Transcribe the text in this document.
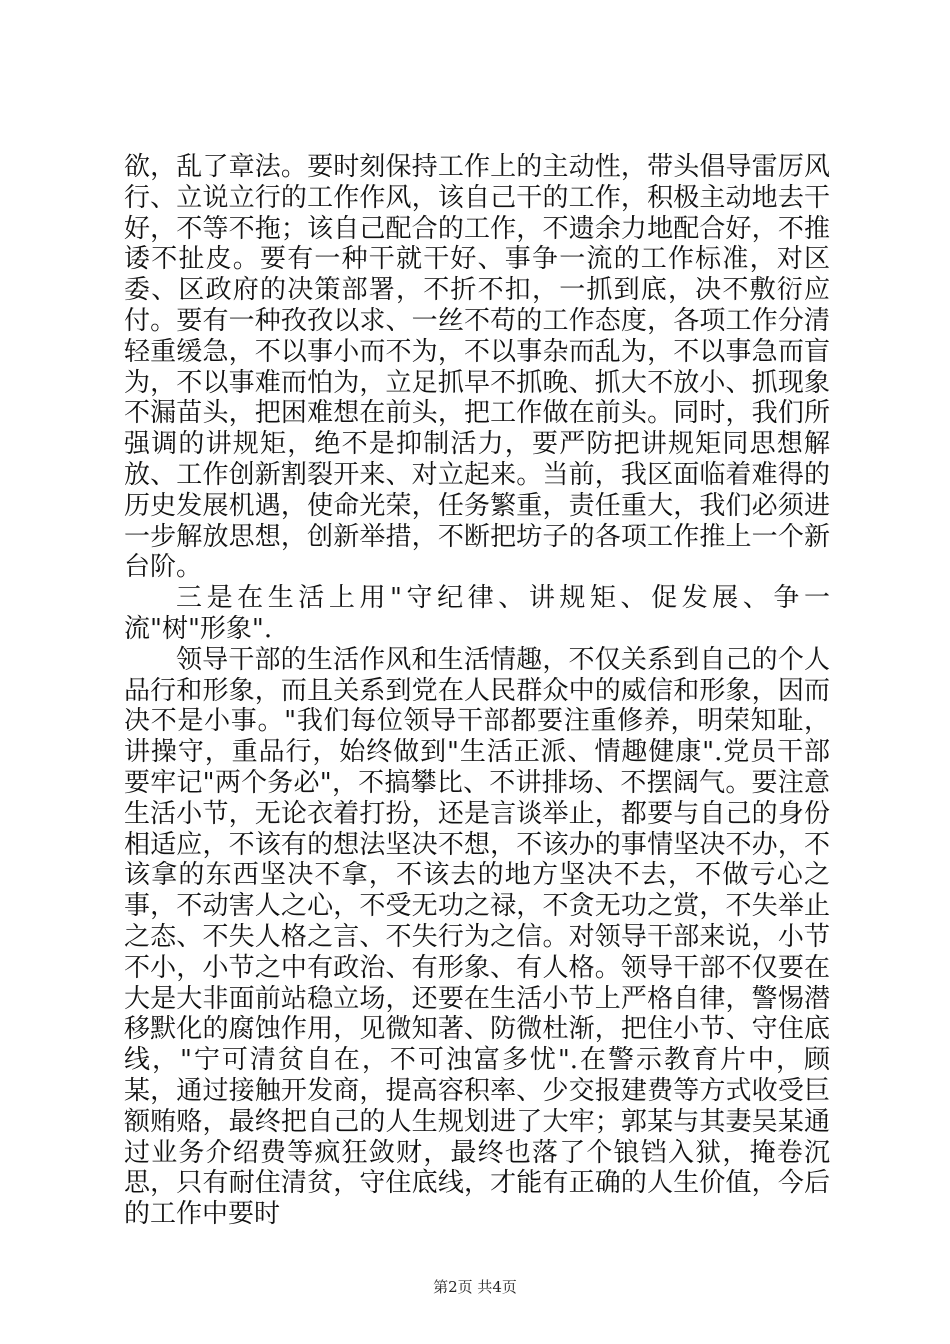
欲，乱了章法。要时刻保持工作上的主动性，带头倡导雷厉风行、立说立行的工作作风，该自己干的工作，积极主动地去干好，不等不拖；该自己配合的工作，不遗余力地配合好，不推诿不扯皮。要有一种干就干好、事争一流的工作标准，对区委、区政府的决策部署，不折不扣，一抓到底，决不敷衍应付。要有一种孜孜以求、一丝不苟的工作态度，各项工作分清轻重缓急，不以事小而不为，不以事杂而乱为，不以事急而盲为，不以事难而怕为，立足抓早不抓晚、抓大不放小、抓现象不漏苗头，把困难想在前头，把工作做在前头。同时，我们所强调的讲规矩，绝不是抑制活力，要严防把讲规矩同思想解放、工作创新割裂开来、对立起来。当前，我区面临着难得的历史发展机遇，使命光荣，任务繁重，责任重大，我们必须进一步解放思想，创新举措，不断把坊子的各项工作推上一个新台阶。

三是在生活上用"守纪律、讲规矩、促发展、争一流"树"形象".

领导干部的生活作风和生活情趣，不仅关系到自己的个人品行和形象，而且关系到党在人民群众中的威信和形象，因而决不是小事。"我们每位领导干部都要注重修养，明荣知耻，讲操守，重品行，始终做到"生活正派、情趣健康".党员干部要牢记"两个务必"，不搞攀比、不讲排场、不摆阔气。要注意生活小节，无论衣着打扮，还是言谈举止，都要与自己的身份相适应，不该有的想法坚决不想，不该办的事情坚决不办，不该拿的东西坚决不拿，不该去的地方坚决不去，不做亏心之事，不动害人之心，不受无功之禄，不贪无功之赏，不失举止之态、不失人格之言、不失行为之信。对领导干部来说，小节不小，小节之中有政治、有形象、有人格。领导干部不仅要在大是大非面前站稳立场，还要在生活小节上严格自律，警惕潜移默化的腐蚀作用，见微知著、防微杜渐，把住小节、守住底线，"宁可清贫自在，不可浊富多忧".在警示教育片中，顾某，通过接触开发商，提高容积率、少交报建费等方式收受巨额贿赂，最终把自己的人生规划进了大牢；郭某与其妻吴某通过业务介绍费等疯狂敛财，最终也落了个锒铛入狱，掩卷沉思，只有耐住清贫，守住底线，才能有正确的人生价值，今后的工作中要时

第2页 共4页
